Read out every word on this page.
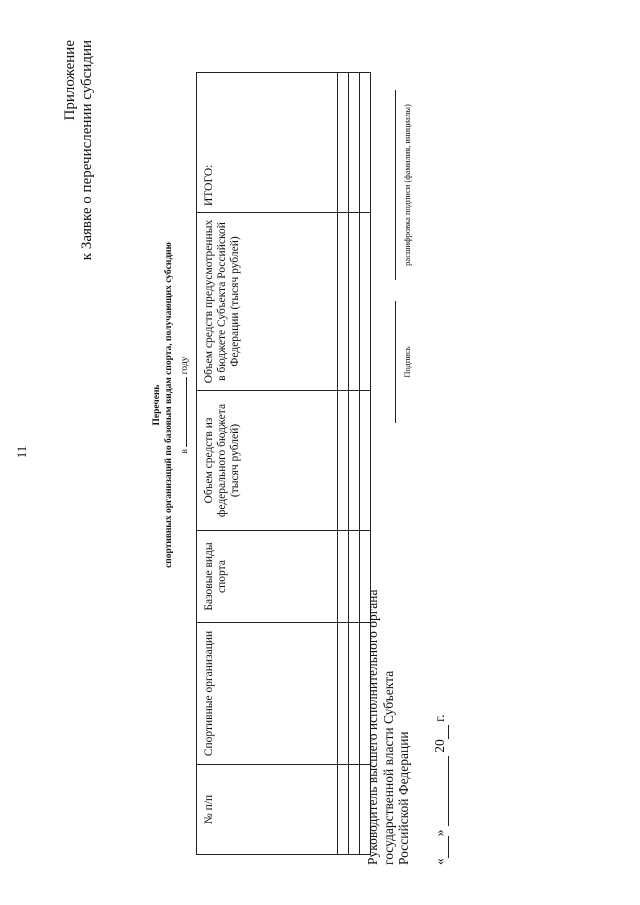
11
Приложение к Заявке о перечислении субсидии
Перечень спортивных организаций по базовым видам спорта, получающих субсидию в  году
№ п/п	Спортивные организации	Базовые виды спорта	Объем средств из федерального бюджета (тысяч рублей)	Объем средств предусмотренных в бюджете Субъекта Российской Федерации (тысяч рублей)	ИТОГО:

Руководитель высшего исполнительного органа государственной власти Субъекта Российской Федерации
Подпись
расшифровка подписи (фамилия, инициалы)
« »   20  г.
